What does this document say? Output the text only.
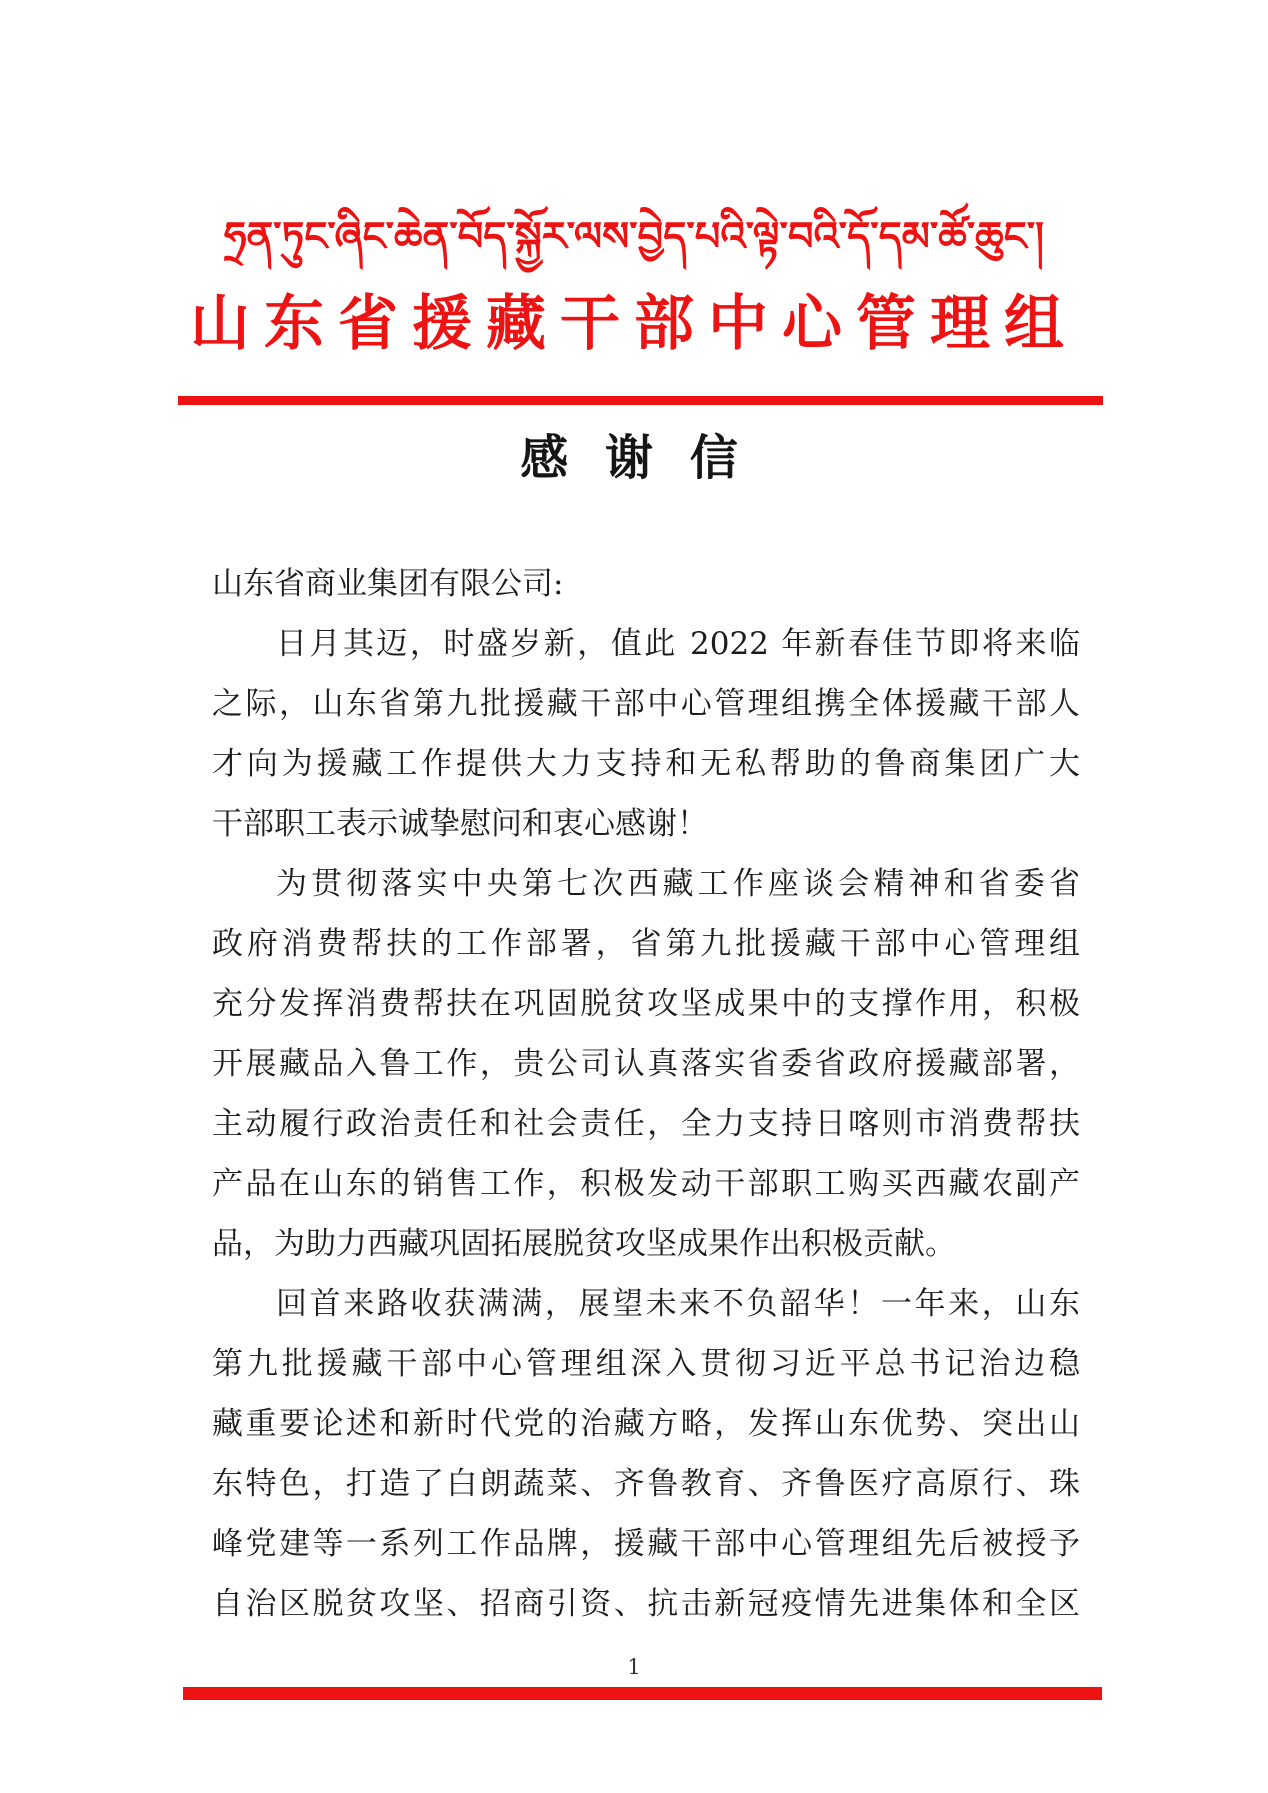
ཧྲན་ཏུང་ཞིང་ཆེན་བོད་སྐྱོར་ལས་བྱེད་པའི་ལྟེ་བའི་དོ་དམ་ཚོ་ཆུང་།
山东省援藏干部中心管理组
感 谢 信
山东省商业集团有限公司:
日月其迈，时盛岁新，值此 2022 年新春佳节即将来临
之际，山东省第九批援藏干部中心管理组携全体援藏干部人
才向为援藏工作提供大力支持和无私帮助的鲁商集团广大
干部职工表示诚挚慰问和衷心感谢！
为贯彻落实中央第七次西藏工作座谈会精神和省委省
政府消费帮扶的工作部署，省第九批援藏干部中心管理组
充分发挥消费帮扶在巩固脱贫攻坚成果中的支撑作用，积极
开展藏品入鲁工作，贵公司认真落实省委省政府援藏部署，
主动履行政治责任和社会责任，全力支持日喀则市消费帮扶
产品在山东的销售工作，积极发动干部职工购买西藏农副产
品，为助力西藏巩固拓展脱贫攻坚成果作出积极贡献。
回首来路收获满满，展望未来不负韶华！一年来，山东
第九批援藏干部中心管理组深入贯彻习近平总书记治边稳
藏重要论述和新时代党的治藏方略，发挥山东优势、突出山
东特色，打造了白朗蔬菜、齐鲁教育、齐鲁医疗高原行、珠
峰党建等一系列工作品牌，援藏干部中心管理组先后被授予
自治区脱贫攻坚、招商引资、抗击新冠疫情先进集体和全区
1
